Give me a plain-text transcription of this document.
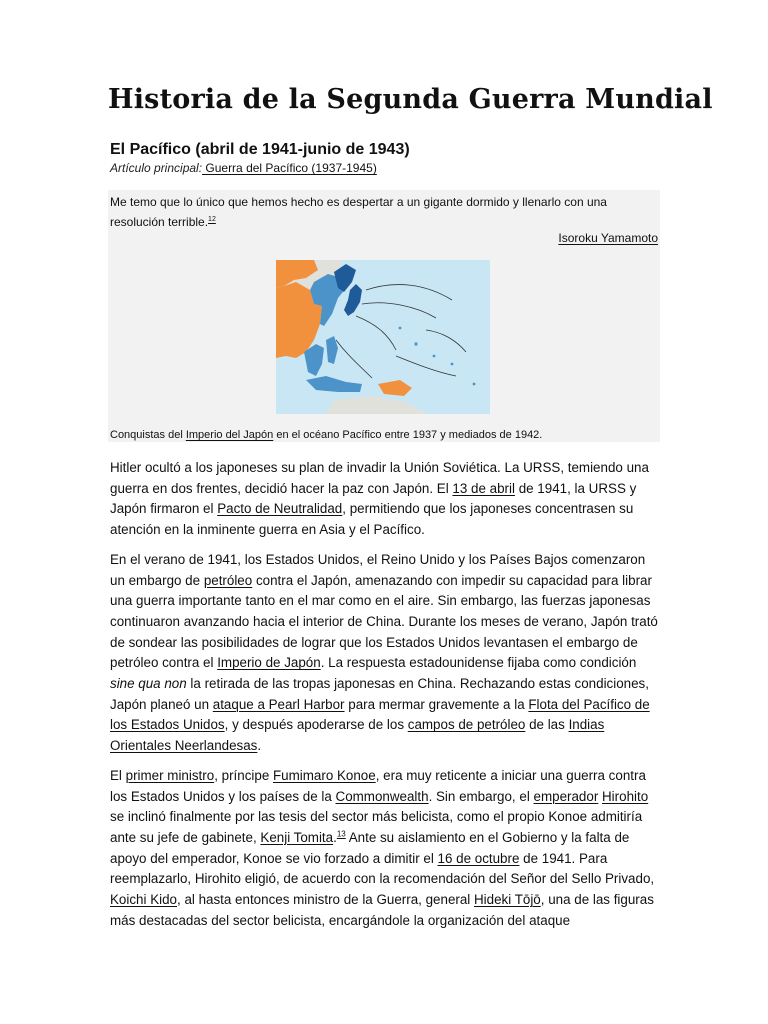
Historia de la Segunda Guerra Mundial
El Pacífico (abril de 1941-junio de 1943)
Artículo principal: Guerra del Pacífico (1937-1945)
Me temo que lo único que hemos hecho es despertar a un gigante dormido y llenarlo con una resolución terrible.$^{12}$
Isoroku Yamamoto
Conquistas del Imperio del Japón en el océano Pacífico entre 1937 y mediados de 1942.

Hitler ocultó a los japoneses su plan de invadir la Unión Soviética. La URSS, temiendo una guerra en dos frentes, decidió hacer la paz con Japón. El 13 de abril de 1941, la URSS y Japón firmaron el Pacto de Neutralidad, permitiendo que los japoneses concentrasen su atención en la inminente guerra en Asia y el Pacífico.

En el verano de 1941, los Estados Unidos, el Reino Unido y los Países Bajos comenzaron un embargo de petróleo contra el Japón, amenazando con impedir su capacidad para librar una guerra importante tanto en el mar como en el aire. Sin embargo, las fuerzas japonesas continuaron avanzando hacia el interior de China. Durante los meses de verano, Japón trató de sondear las posibilidades de lograr que los Estados Unidos levantasen el embargo de petróleo contra el Imperio de Japón. La respuesta estadounidense fijaba como condición sine qua non la retirada de las tropas japonesas en China. Rechazando estas condiciones, Japón planeó un ataque a Pearl Harbor para mermar gravemente a la Flota del Pacífico de los Estados Unidos, y después apoderarse de los campos de petróleo de las Indias Orientales Neerlandesas.

El primer ministro, príncipe Fumimaro Konoe, era muy reticente a iniciar una guerra contra los Estados Unidos y los países de la Commonwealth. Sin embargo, el emperador Hirohito se inclinó finalmente por las tesis del sector más belicista, como el propio Konoe admitiría ante su jefe de gabinete, Kenji Tomita.$^{13}$ Ante su aislamiento en el Gobierno y la falta de apoyo del emperador, Konoe se vio forzado a dimitir el 16 de octubre de 1941. Para reemplazarlo, Hirohito eligió, de acuerdo con la recomendación del Señor del Sello Privado, Koichi Kido, al hasta entonces ministro de la Guerra, general Hideki Tōjō, una de las figuras más destacadas del sector belicista, encargándole la organización del ataque
